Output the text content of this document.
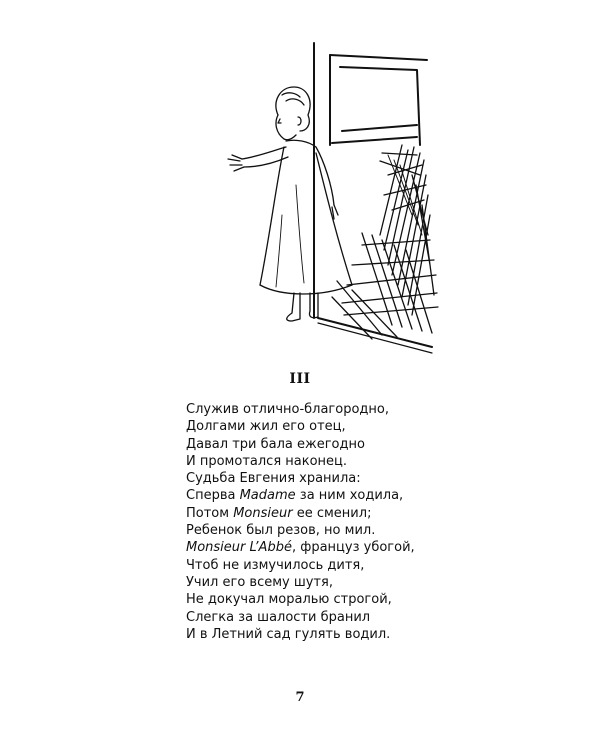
III
Служив отлично-благородно,
Долгами жил его отец,
Давал три бала ежегодно
И промотался наконец.
Судьба Евгения хранила:
Сперва Madame за ним ходила,
Потом Monsieur ее сменил;
Ребенок был резов, но мил.
Monsieur L’Abbé, француз убогой,
Чтоб не измучилось дитя,
Учил его всему шутя,
Не докучал моралью строгой,
Слегка за шалости бранил
И в Летний сад гулять водил.
7
